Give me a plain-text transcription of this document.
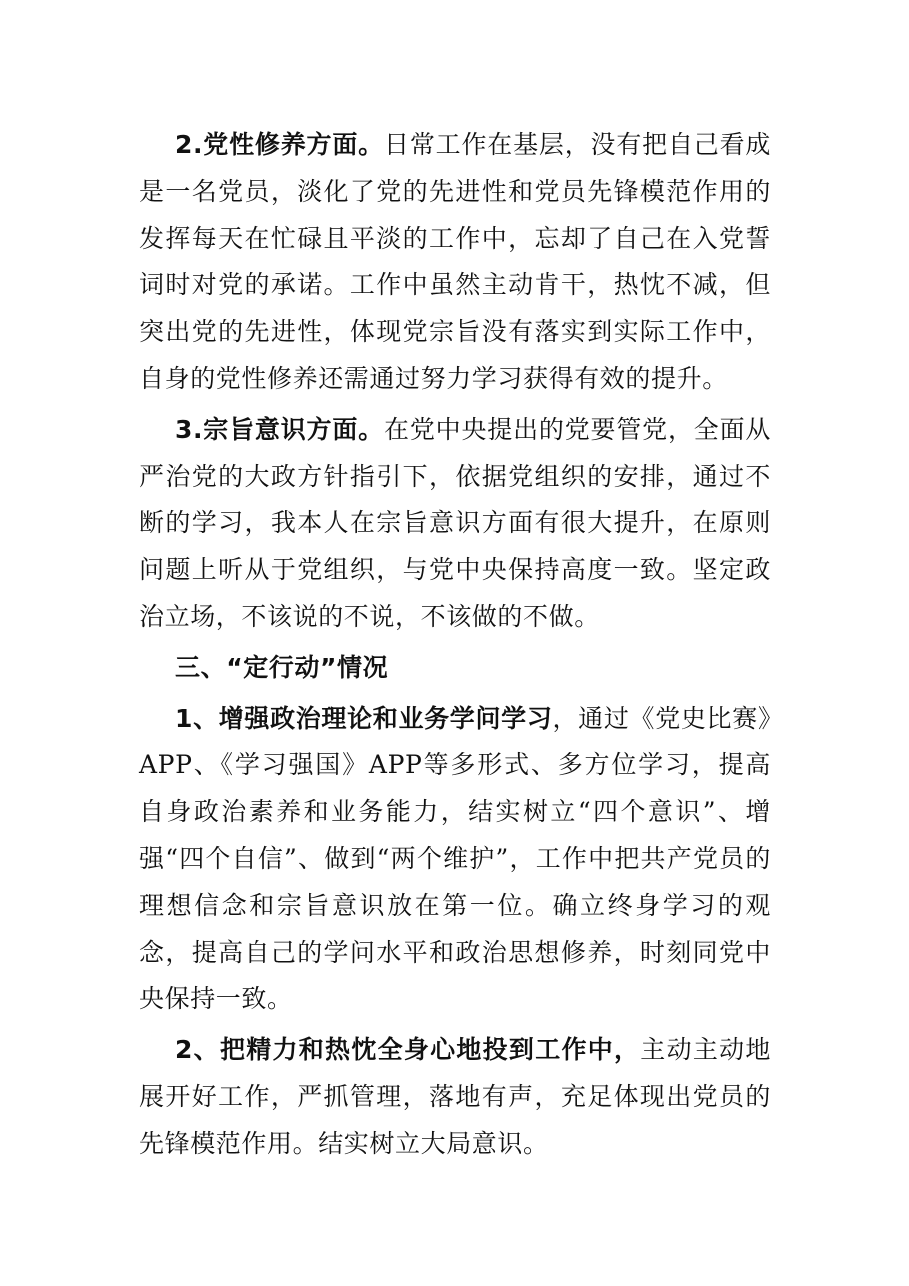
2.党性修养方面。日常工作在基层，没有把自己看成是一名党员，淡化了党的先进性和党员先锋模范作用的发挥每天在忙碌且平淡的工作中，忘却了自己在入党誓词时对党的承诺。工作中虽然主动肯干，热忱不减，但突出党的先进性，体现党宗旨没有落实到实际工作中，自身的党性修养还需通过努力学习获得有效的提升。

3.宗旨意识方面。在党中央提出的党要管党，全面从严治党的大政方针指引下，依据党组织的安排，通过不断的学习，我本人在宗旨意识方面有很大提升，在原则问题上听从于党组织，与党中央保持高度一致。坚定政治立场，不该说的不说，不该做的不做。

三、“定行动”情况

1、增强政治理论和业务学问学习，通过《党史比赛》APP、《学习强国》APP等多形式、多方位学习，提高自身政治素养和业务能力，结实树立“四个意识”、增强“四个自信”、做到“两个维护”，工作中把共产党员的理想信念和宗旨意识放在第一位。确立终身学习的观念，提高自己的学问水平和政治思想修养，时刻同党中央保持一致。

2、把精力和热忱全身心地投到工作中，主动主动地展开好工作，严抓管理，落地有声，充足体现出党员的先锋模范作用。结实树立大局意识。
